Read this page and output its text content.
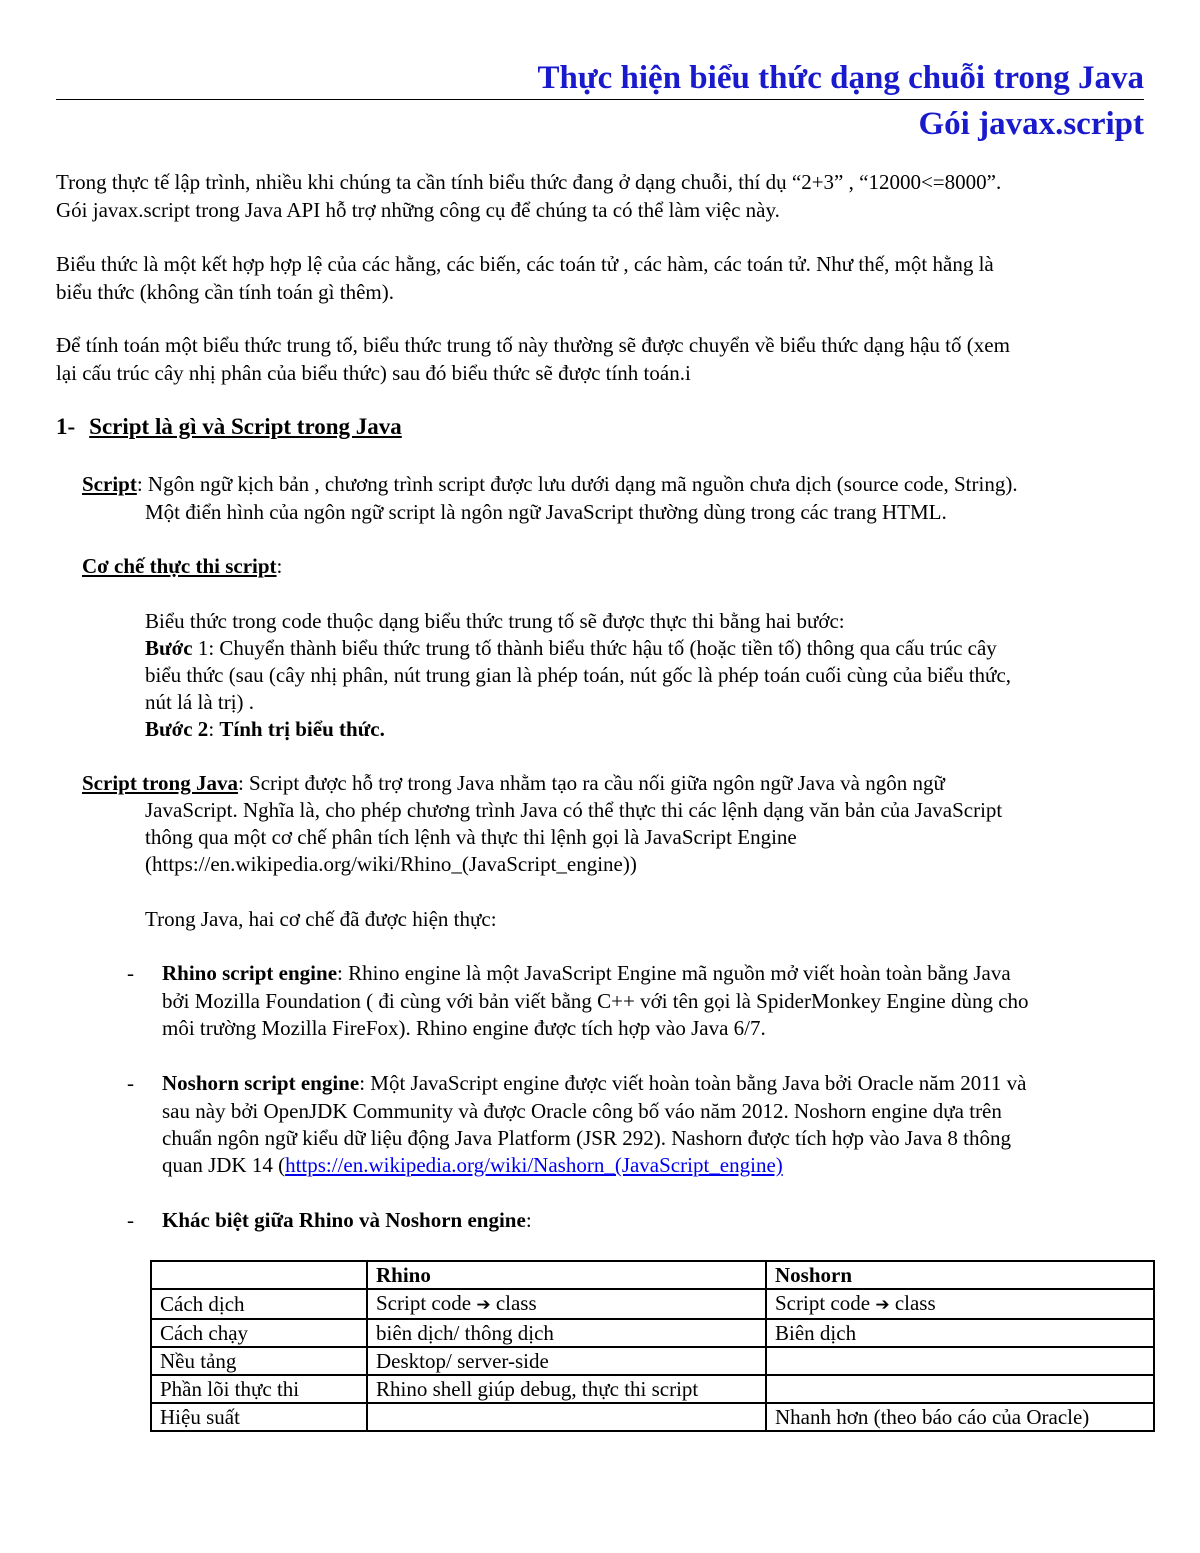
Thực hiện biểu thức dạng chuỗi trong Java
Gói javax.script
Trong thực tế lập trình, nhiều khi chúng ta cần tính biểu thức đang ở dạng chuỗi, thí dụ “2+3” , “12000<=8000”.
Gói javax.script trong Java API hỗ trợ những công cụ để chúng ta có thể làm việc này.
Biểu thức là một kết hợp hợp lệ của các hằng, các biến, các toán tử , các hàm, các toán tử. Như thế, một hằng là
biểu thức (không cần tính toán gì thêm).
Để tính toán một biểu thức trung tố, biểu thức trung tố này thường sẽ được chuyển về biểu thức dạng hậu tố (xem
lại cấu trúc cây nhị phân của biểu thức) sau đó biểu thức sẽ được tính toán.i
1- Script là gì và Script trong Java
Script: Ngôn ngữ kịch bản , chương trình script được lưu dưới dạng mã nguồn chưa dịch (source code, String).
Một điển hình của ngôn ngữ script là ngôn ngữ JavaScript thường dùng trong các trang HTML.
Cơ chế thực thi script:
Biểu thức trong code thuộc dạng biểu thức trung tố sẽ được thực thi bằng hai bước:
Bước 1: Chuyển thành biểu thức trung tố thành biểu thức hậu tố (hoặc tiền tố) thông qua cấu trúc cây
biểu thức (sau (cây nhị phân, nút trung gian là phép toán, nút gốc là phép toán cuối cùng của biểu thức,
nút lá là trị) .
Bước 2: Tính trị biểu thức.
Script trong Java: Script được hỗ trợ trong Java nhằm tạo ra cầu nối giữa ngôn ngữ Java và ngôn ngữ
JavaScript. Nghĩa là, cho phép chương trình Java có thể thực thi các lệnh dạng văn bản của JavaScript
thông qua một cơ chế phân tích lệnh và thực thi lệnh gọi là JavaScript Engine
(https://en.wikipedia.org/wiki/Rhino_(JavaScript_engine))
Trong Java, hai cơ chế đã được hiện thực:
- Rhino script engine: Rhino engine là một JavaScript Engine mã nguồn mở viết hoàn toàn bằng Java
bởi Mozilla Foundation ( đi cùng với bản viết bằng C++ với tên gọi là SpiderMonkey Engine dùng cho
môi trường Mozilla FireFox). Rhino engine được tích hợp vào Java 6/7.
- Noshorn script engine: Một JavaScript engine được viết hoàn toàn bằng Java bởi Oracle năm 2011 và
sau này bởi OpenJDK Community và được Oracle công bố váo năm 2012. Noshorn engine dựa trên
chuẩn ngôn ngữ kiểu dữ liệu động Java Platform (JSR 292). Nashorn được tích hợp vào Java 8 thông
quan JDK 14 (https://en.wikipedia.org/wiki/Nashorn_(JavaScript_engine)
- Khác biệt giữa Rhino và Noshorn engine:
	Rhino	Noshorn
Cách dịch	Script code ➔ class	Script code ➔ class
Cách chạy	biên dịch/ thông dịch	Biên dịch
Nều tảng	Desktop/ server-side	
Phần lõi thực thi	Rhino shell giúp debug, thực thi script	
Hiệu suất		Nhanh hơn (theo báo cáo của Oracle)
